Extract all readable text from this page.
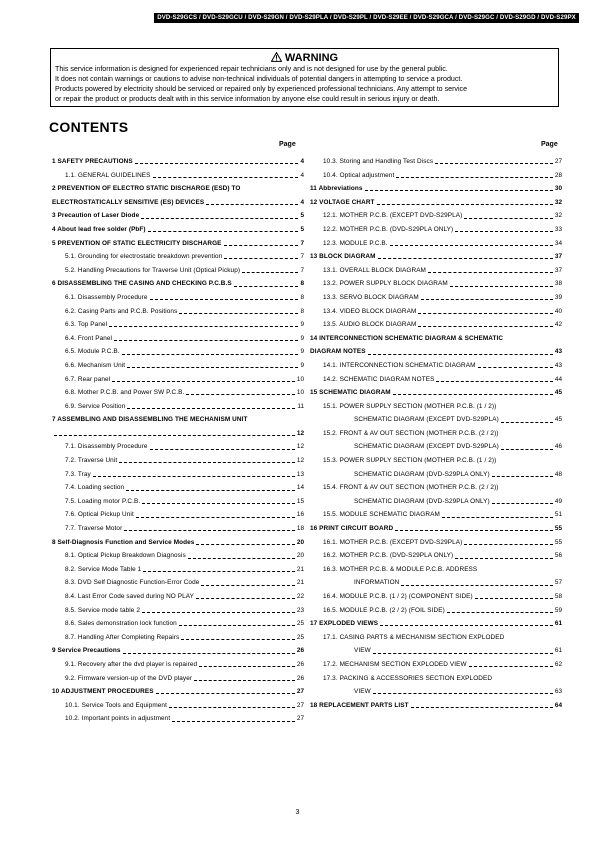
DVD-S29GCS / DVD-S29GCU / DVD-S29GN / DVD-S29PLA / DVD-S29PL / DVD-S29EE / DVD-S29GCA / DVD-S29GC / DVD-S29GD / DVD-S29PX
WARNING
This service information is designed for experienced repair technicians only and is not designed for use by the general public.
It does not contain warnings or cautions to advise non-technical individuals of potential dangers in attempting to service a product.
Products powered by electricity should be serviced or repaired only by experienced professional technicians. Any attempt to service
or repair the product or products dealt with in this service information by anyone else could result in serious injury or death.
CONTENTS
Page	Page
1 SAFETY PRECAUTIONS	4
1.1. GENERAL GUIDELINES	4
2 PREVENTION OF ELECTRO STATIC DISCHARGE (ESD) TO
ELECTROSTATICALLY SENSITIVE (ES) DEVICES	4
3 Precaution of Laser Diode	5
4 About lead free solder (PbF)	5
5 PREVENTION OF STATIC ELECTRICITY DISCHARGE	7
5.1. Grounding for electrostatic breakdown prevention	7
5.2. Handling Precautions for Traverse Unit (Optical Pickup)	7
6 DISASSEMBLING THE CASING AND CHECKING P.C.B.S	8
6.1. Disassembly Procedure	8
6.2. Casing Parts and P.C.B. Positions	8
6.3. Top Panel	9
6.4. Front Panel	9
6.5. Module P.C.B.	9
6.6. Mechanism Unit	9
6.7. Rear panel	10
6.8. Mother P.C.B. and Power SW P.C.B.	10
6.9. Service Position	11
7 ASSEMBLING AND DISASSEMBLING THE MECHANISM UNIT
12
7.1. Disassembly Procedure	12
7.2. Traverse Unit	12
7.3. Tray	13
7.4. Loading section	14
7.5. Loading motor P.C.B.	15
7.6. Optical Pickup Unit	16
7.7. Traverse Motor	18
8 Self-Diagnosis Function and Service Modes	20
8.1. Optical Pickup Breakdown Diagnosis	20
8.2. Service Mode Table 1	21
8.3. DVD Self Diagnostic Function-Error Code	21
8.4. Last Error Code saved during NO PLAY	22
8.5. Service mode table 2	23
8.6. Sales demonstration lock function	25
8.7. Handling After Completing Repairs	25
9 Service Precautions	26
9.1. Recovery after the dvd player is repaired	26
9.2. Firmware version-up of the DVD player	26
10 ADJUSTMENT PROCEDURES	27
10.1. Service Tools and Equipment	27
10.2. Important points in adjustment	27
10.3. Storing and Handling Test Discs	27
10.4. Optical adjustment	28
11 Abbreviations	30
12 VOLTAGE CHART	32
12.1. MOTHER P.C.B. (EXCEPT DVD-S29PLA)	32
12.2. MOTHER P.C.B. (DVD-S29PLA ONLY)	33
12.3. MODULE P.C.B.	34
13 BLOCK DIAGRAM	37
13.1. OVERALL BLOCK DIAGRAM	37
13.2. POWER SUPPLY BLOCK DIAGRAM	38
13.3. SERVO BLOCK DIAGRAM	39
13.4. VIDEO BLOCK DIAGRAM	40
13.5. AUDIO BLOCK DIAGRAM	42
14 INTERCONNECTION SCHEMATIC DIAGRAM & SCHEMATIC
DIAGRAM NOTES	43
14.1. INTERCONNECTION SCHEMATIC DIAGRAM	43
14.2. SCHEMATIC DIAGRAM NOTES	44
15 SCHEMATIC DIAGRAM	45
15.1. POWER SUPPLY SECTION (MOTHER P.C.B. (1 / 2))
SCHEMATIC DIAGRAM (EXCEPT DVD-S29PLA)	45
15.2. FRONT & AV OUT SECTION (MOTHER P.C.B. (2 / 2))
SCHEMATIC DIAGRAM (EXCEPT DVD-S29PLA)	46
15.3. POWER SUPPLY SECTION (MOTHER P.C.B. (1 / 2))
SCHEMATIC DIAGRAM (DVD-S29PLA ONLY)	48
15.4. FRONT & AV OUT SECTION (MOTHER P.C.B. (2 / 2))
SCHEMATIC DIAGRAM (DVD-S29PLA ONLY)	49
15.5. MODULE SCHEMATIC DIAGRAM	51
16 PRINT CIRCUIT BOARD	55
16.1. MOTHER P.C.B. (EXCEPT DVD-S29PLA)	55
16.2. MOTHER P.C.B. (DVD-S29PLA ONLY)	56
16.3. MOTHER P.C.B. & MODULE P.C.B. ADDRESS
INFORMATION	57
16.4. MODULE P.C.B. (1 / 2) (COMPONENT SIDE)	58
16.5. MODULE P.C.B. (2 / 2) (FOIL SIDE)	59
17 EXPLODED VIEWS	61
17.1. CASING PARTS & MECHANISM SECTION EXPLODED
VIEW	61
17.2. MECHANISM SECTION EXPLODED VIEW	62
17.3. PACKING & ACCESSORIES SECTION EXPLODED
VIEW	63
18 REPLACEMENT PARTS LIST	64
3
